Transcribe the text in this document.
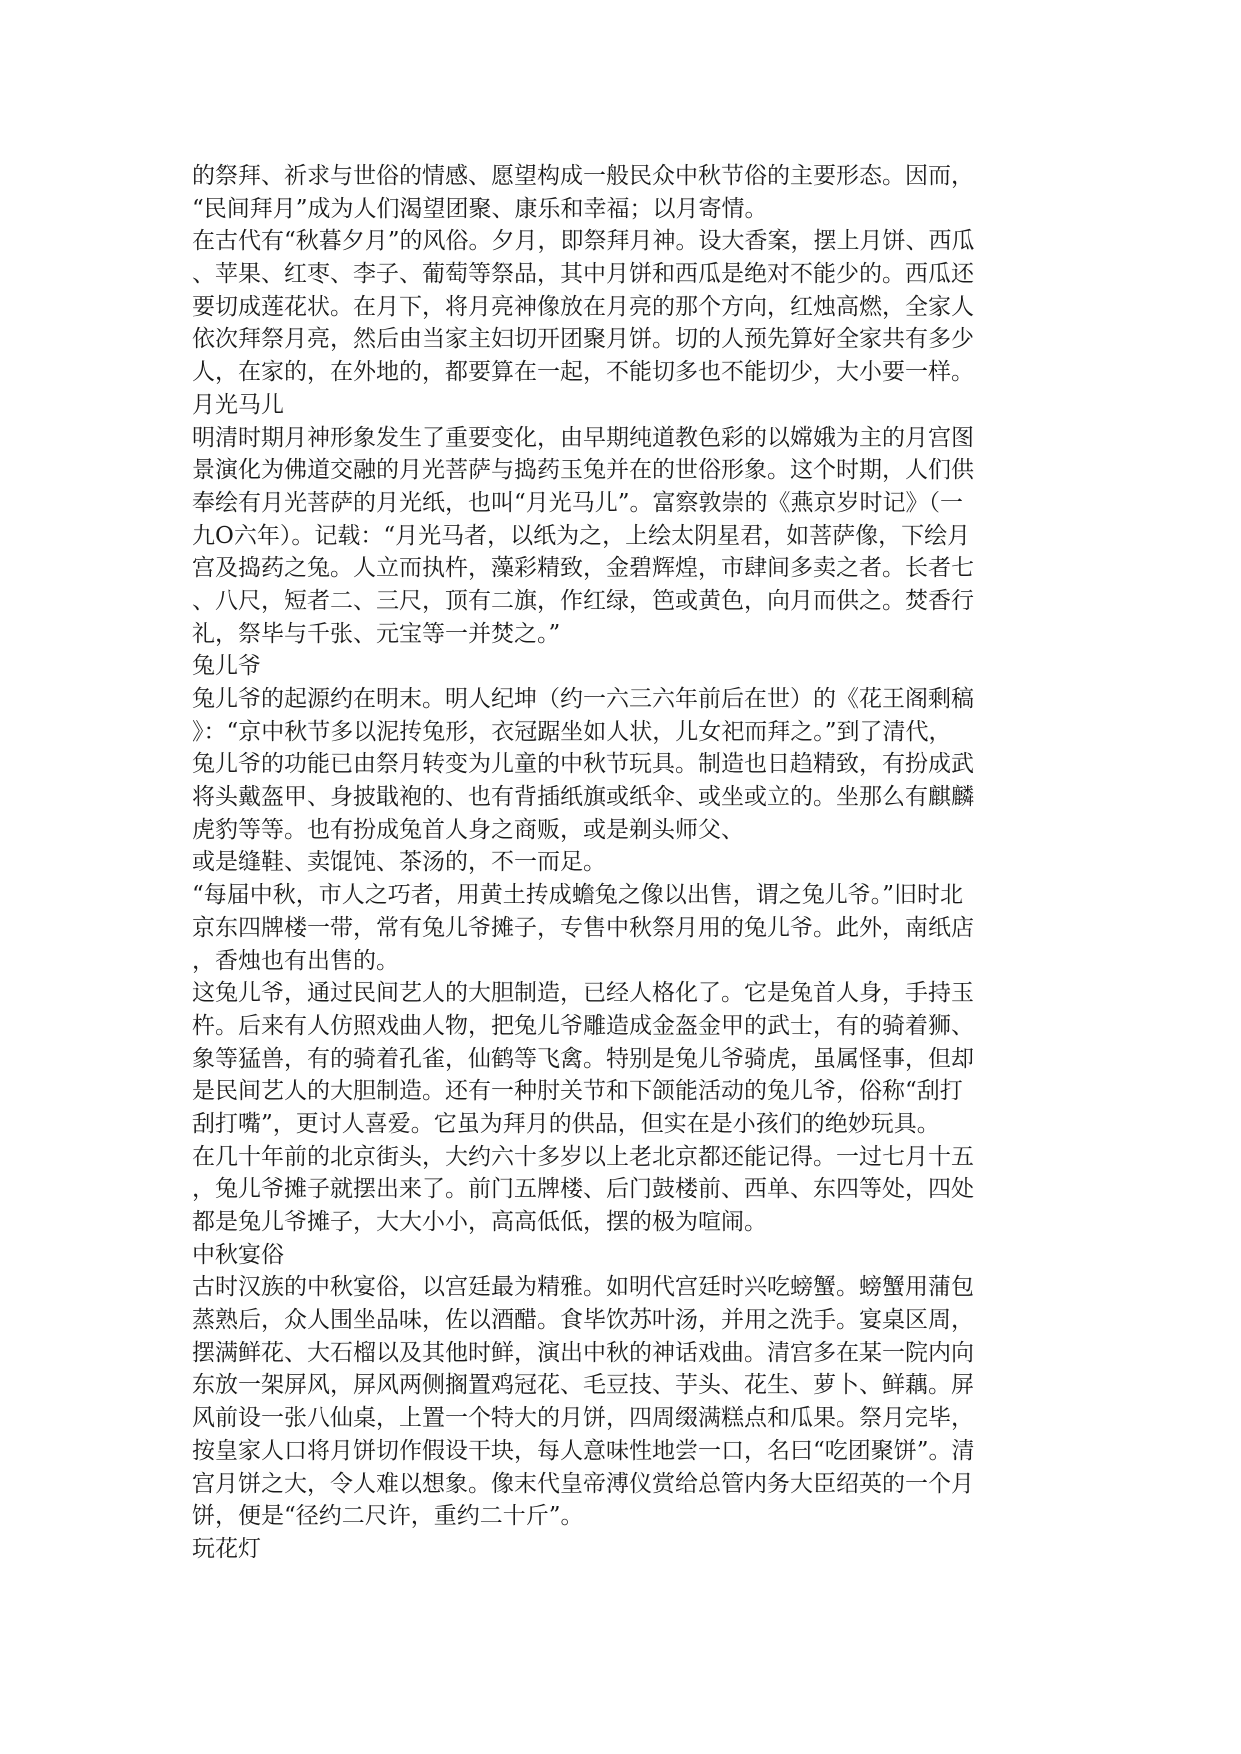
的祭拜、祈求与世俗的情感、愿望构成一般民众中秋节俗的主要形态。因而，
“民间拜月”成为人们渴望团聚、康乐和幸福；以月寄情。
在古代有“秋暮夕月”的风俗。夕月，即祭拜月神。设大香案，摆上月饼、西瓜
、苹果、红枣、李子、葡萄等祭品，其中月饼和西瓜是绝对不能少的。西瓜还
要切成莲花状。在月下，将月亮神像放在月亮的那个方向，红烛高燃，全家人
依次拜祭月亮，然后由当家主妇切开团聚月饼。切的人预先算好全家共有多少
人，在家的，在外地的，都要算在一起，不能切多也不能切少，大小要一样。
月光马儿
明清时期月神形象发生了重要变化，由早期纯道教色彩的以嫦娥为主的月宫图
景演化为佛道交融的月光菩萨与捣药玉兔并在的世俗形象。这个时期，人们供
奉绘有月光菩萨的月光纸，也叫“月光马儿”。富察敦崇的《燕京岁时记》（一
九O六年）。记载：“月光马者，以纸为之，上绘太阴星君，如菩萨像，下绘月
宫及捣药之兔。人立而执杵，藻彩精致，金碧辉煌，市肆间多卖之者。长者七
、八尺，短者二、三尺，顶有二旗，作红绿，笆或黄色，向月而供之。焚香行
礼，祭毕与千张、元宝等一并焚之。”
兔儿爷
兔儿爷的起源约在明末。明人纪坤（约一六三六年前后在世）的《花王阁剩稿
》：“京中秋节多以泥抟兔形，衣冠踞坐如人状，儿女祀而拜之。”到了清代，
兔儿爷的功能已由祭月转变为儿童的中秋节玩具。制造也日趋精致，有扮成武
将头戴盔甲、身披戢袍的、也有背插纸旗或纸伞、或坐或立的。坐那么有麒麟
虎豹等等。也有扮成兔首人身之商贩，或是剃头师父、
或是缝鞋、卖馄饨、茶汤的，不一而足。
“每届中秋，市人之巧者，用黄土抟成蟾兔之像以出售，谓之兔儿爷。”旧时北
京东四牌楼一带，常有兔儿爷摊子，专售中秋祭月用的兔儿爷。此外，南纸店
，香烛也有出售的。
这兔儿爷，通过民间艺人的大胆制造，已经人格化了。它是兔首人身，手持玉
杵。后来有人仿照戏曲人物，把兔儿爷雕造成金盔金甲的武士，有的骑着狮、
象等猛兽，有的骑着孔雀，仙鹤等飞禽。特别是兔儿爷骑虎，虽属怪事，但却
是民间艺人的大胆制造。还有一种肘关节和下颌能活动的兔儿爷，俗称“刮打
刮打嘴”，更讨人喜爱。它虽为拜月的供品，但实在是小孩们的绝妙玩具。
在几十年前的北京街头，大约六十多岁以上老北京都还能记得。一过七月十五
，兔儿爷摊子就摆出来了。前门五牌楼、后门鼓楼前、西单、东四等处，四处
都是兔儿爷摊子，大大小小，高高低低，摆的极为喧闹。
中秋宴俗
古时汉族的中秋宴俗，以宫廷最为精雅。如明代宫廷时兴吃螃蟹。螃蟹用蒲包
蒸熟后，众人围坐品味，佐以酒醋。食毕饮苏叶汤，并用之洗手。宴桌区周，
摆满鲜花、大石榴以及其他时鲜，演出中秋的神话戏曲。清宫多在某一院内向
东放一架屏风，屏风两侧搁置鸡冠花、毛豆技、芋头、花生、萝卜、鲜藕。屏
风前设一张八仙桌，上置一个特大的月饼，四周缀满糕点和瓜果。祭月完毕，
按皇家人口将月饼切作假设干块，每人意味性地尝一口，名曰“吃团聚饼”。清
宫月饼之大，令人难以想象。像末代皇帝溥仪赏给总管内务大臣绍英的一个月
饼，便是“径约二尺许，重约二十斤”。
玩花灯
